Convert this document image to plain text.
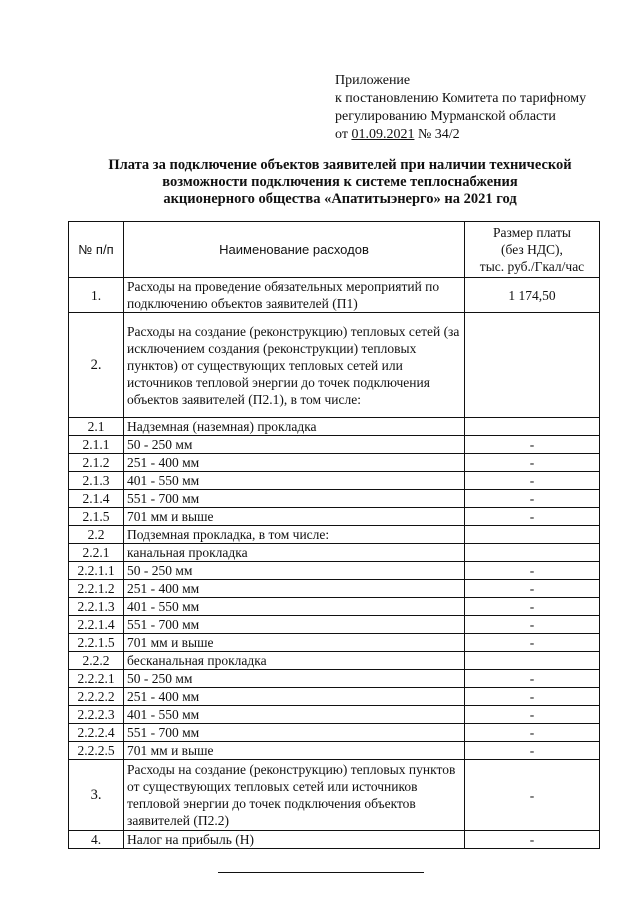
Приложение
к постановлению Комитета по тарифному
регулированию Мурманской области
от 01.09.2021 № 34/2
Плата за подключение объектов заявителей при наличии технической
возможности подключения к системе теплоснабжения
акционерного общества «Апатитыэнерго» на 2021 год
№ п/п	Наименование расходов	Размер платы
(без НДС),
тыс. руб./Гкал/час

1.	Расходы на проведение обязательных мероприятий по подключению объектов заявителей (П1)	1 174,50
2.	Расходы на создание (реконструкцию) тепловых сетей (за исключением создания (реконструкции) тепловых пунктов) от существующих тепловых сетей или источников тепловой энергии до точек подключения объектов заявителей (П2.1), в том числе:	
2.1	Надземная (наземная) прокладка	
2.1.1	50 - 250 мм	-
2.1.2	251 - 400 мм	-
2.1.3	401 - 550 мм	-
2.1.4	551 - 700 мм	-
2.1.5	701 мм и выше	-
2.2	Подземная прокладка, в том числе:	
2.2.1	канальная прокладка	
2.2.1.1	50 - 250 мм	-
2.2.1.2	251 - 400 мм	-
2.2.1.3	401 - 550 мм	-
2.2.1.4	551 - 700 мм	-
2.2.1.5	701 мм и выше	-
2.2.2	бесканальная прокладка	
2.2.2.1	50 - 250 мм	-
2.2.2.2	251 - 400 мм	-
2.2.2.3	401 - 550 мм	-
2.2.2.4	551 - 700 мм	-
2.2.2.5	701 мм и выше	-
3.	Расходы на создание (реконструкцию) тепловых пунктов от существующих тепловых сетей или источников тепловой энергии до точек подключения объектов заявителей (П2.2)	-
4.	Налог на прибыль (Н)	-
